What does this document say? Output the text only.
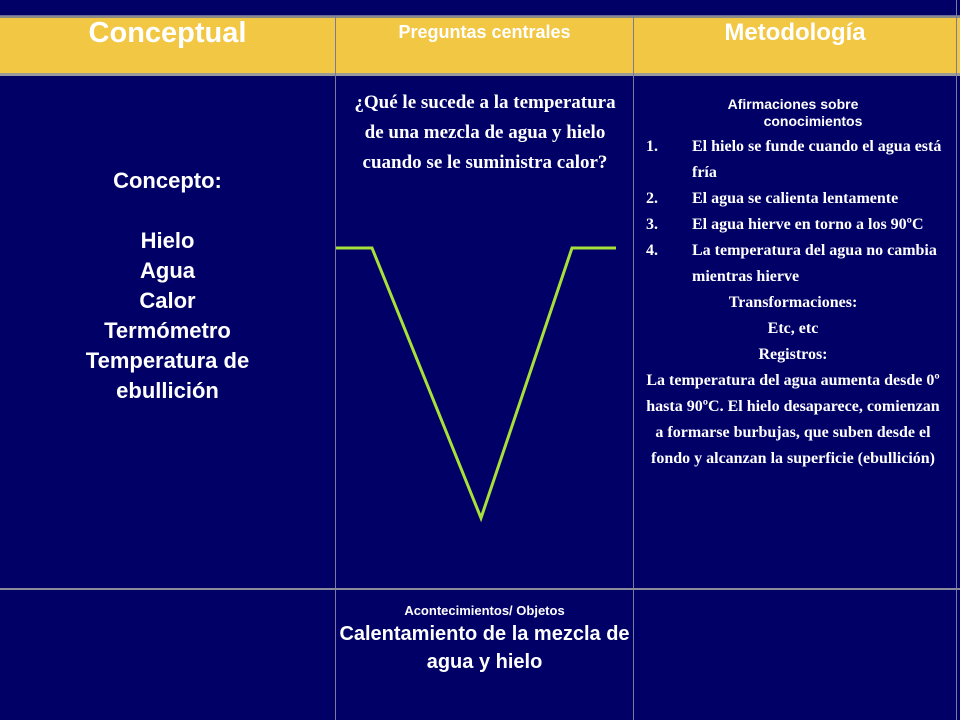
Conceptual	Preguntas centrales	Metodología
Concepto:
Hielo
Agua
Calor
Termómetro
Temperatura de
ebullición
¿Qué le sucede a la temperatura de una mezcla de agua y hielo cuando se le suministra calor?
Afirmaciones sobre
conocimientos
1. El hielo se funde cuando el agua está fría
2. El agua se calienta lentamente
3. El agua hierve en torno a los 90ºC
4. La temperatura del agua no cambia mientras hierve
Transformaciones:
Etc, etc
Registros:
La temperatura del agua aumenta desde 0º hasta 90ºC. El hielo desaparece, comienzan a formarse burbujas, que suben desde el fondo y alcanzan la superficie (ebullición)
Acontecimientos/ Objetos
Calentamiento de la mezcla de agua y hielo
